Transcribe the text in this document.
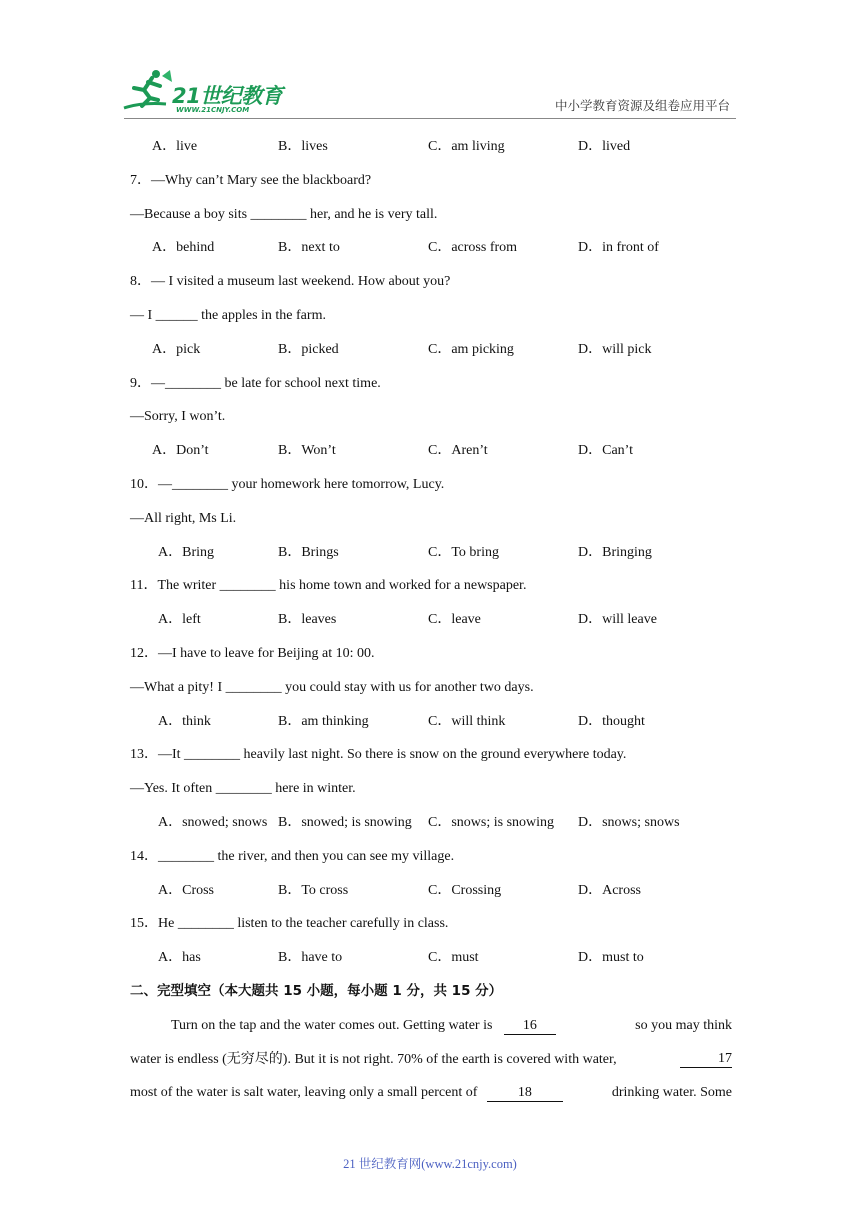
21世纪教育
WWW.21CNJY.COM	中小学教育资源及组卷应用平台
A．live	B．lives	C．am living	D．lived
7．—Why can’t Mary see the blackboard?
—Because a boy sits ________ her, and he is very tall.
A．behind	B．next to	C．across from	D．in front of
8．— I visited a museum last weekend. How about you?
— I ______ the apples in the farm.
A．pick	B．picked	C．am picking	D．will pick
9．—________ be late for school next time.
—Sorry, I won’t.
A．Don’t	B．Won’t	C．Aren’t	D．Can’t
10．—________ your homework here tomorrow, Lucy.
—All right, Ms Li.
A．Bring	B．Brings	C．To bring	D．Bringing
11．The writer ________ his home town and worked for a newspaper.
A．left	B．leaves	C．leave	D．will leave
12．—I have to leave for Beijing at 10: 00.
—What a pity! I ________ you could stay with us for another two days.
A．think	B．am thinking	C．will think	D．thought
13．—It ________ heavily last night. So there is snow on the ground everywhere today.
—Yes. It often ________ here in winter.
A．snowed; snows B．snowed; is snowing C．snows; is snowing D．snows; snows
14．________ the river, and then you can see my village.
A．Cross	B．To cross	C．Crossing	D．Across
15．He ________ listen to the teacher carefully in class.
A．has	B．have to	C．must	D．must to
二、完型填空（本大题共 15 小题，每小题 1 分，共 15 分）
Turn on the tap and the water comes out. Getting water is 16	so you may think
water is endless (无穷尽的). But it is not right. 70% of the earth is covered with water,	17
most of the water is salt water, leaving only a small percent of	18	drinking water. Some
21 世纪教育网(www.21cnjy.com)
